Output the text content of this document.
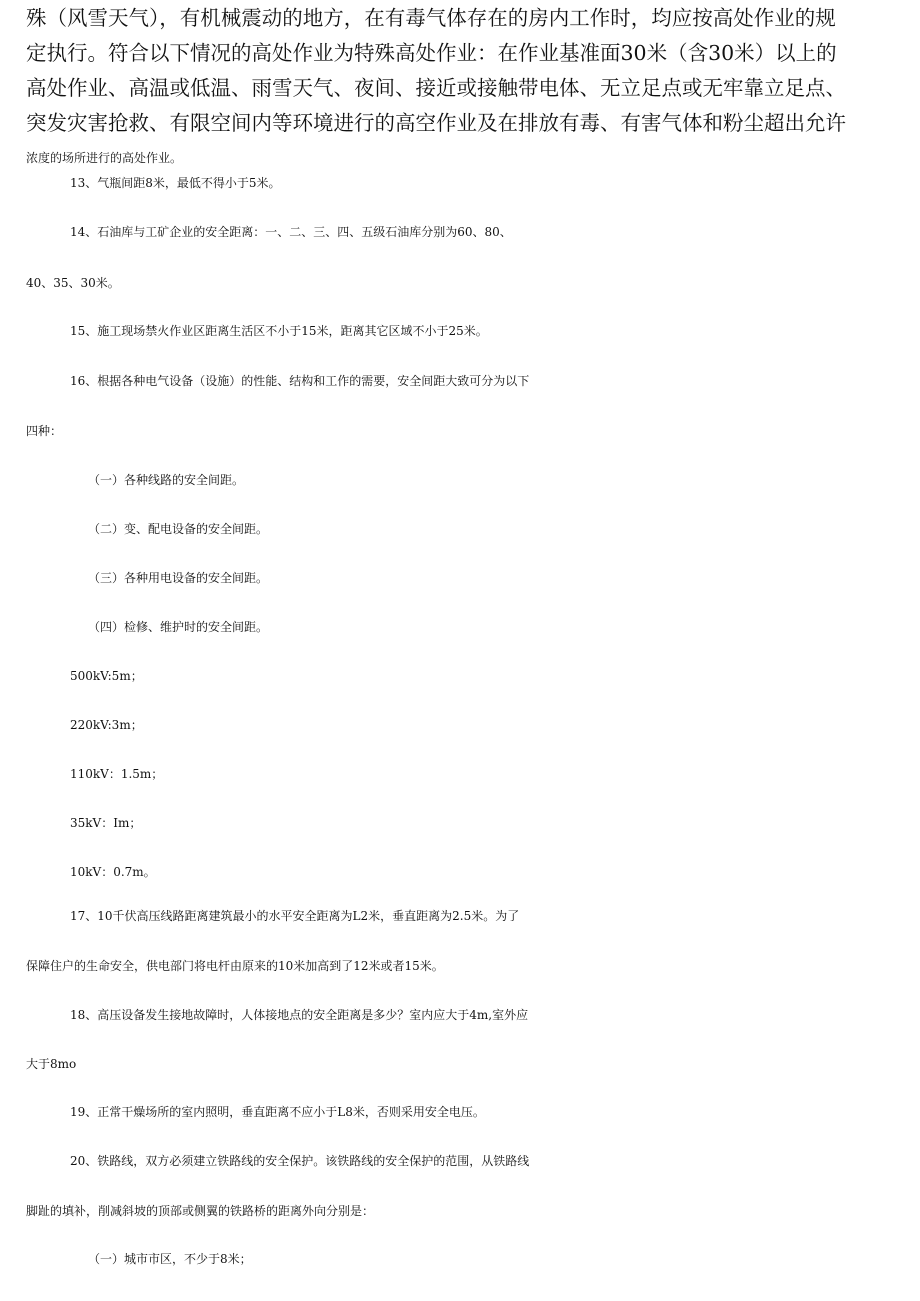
殊（风雪天气），有机械震动的地方，在有毒气体存在的房内工作时，均应按高处作业的规
定执行。符合以下情况的高处作业为特殊高处作业：在作业基准面30米（含30米）以上的
高处作业、高温或低温、雨雪天气、夜间、接近或接触带电体、无立足点或无牢靠立足点、
突发灾害抢救、有限空间内等环境进行的高空作业及在排放有毒、有害气体和粉尘超出允许
浓度的场所进行的高处作业。
13、气瓶间距8米，最低不得小于5米。
14、石油库与工矿企业的安全距离：一、二、三、四、五级石油库分别为60、80、
40、35、30米。
15、施工现场禁火作业区距离生活区不小于15米，距离其它区域不小于25米。
16、根据各种电气设备（设施）的性能、结构和工作的需要，安全间距大致可分为以下
四种：
（一）各种线路的安全间距。
（二）变、配电设备的安全间距。
（三）各种用电设备的安全间距。
（四）检修、维护时的安全间距。
500kV:5m；
220kV:3m；
110kV：1.5m；
35kV：Im；
10kV：0.7m。
17、10千伏高压线路距离建筑最小的水平安全距离为L2米，垂直距离为2.5米。为了
保障住户的生命安全，供电部门将电杆由原来的10米加高到了12米或者15米。
18、高压设备发生接地故障时，人体接地点的安全距离是多少？室内应大于4m,室外应
大于8mo
19、正常干燥场所的室内照明，垂直距离不应小于L8米，否则采用安全电压。
20、铁路线，双方必须建立铁路线的安全保护。该铁路线的安全保护的范围，从铁路线
脚趾的填补，削减斜坡的顶部或侧翼的铁路桥的距离外向分别是：
（一）城市市区，不少于8米；
